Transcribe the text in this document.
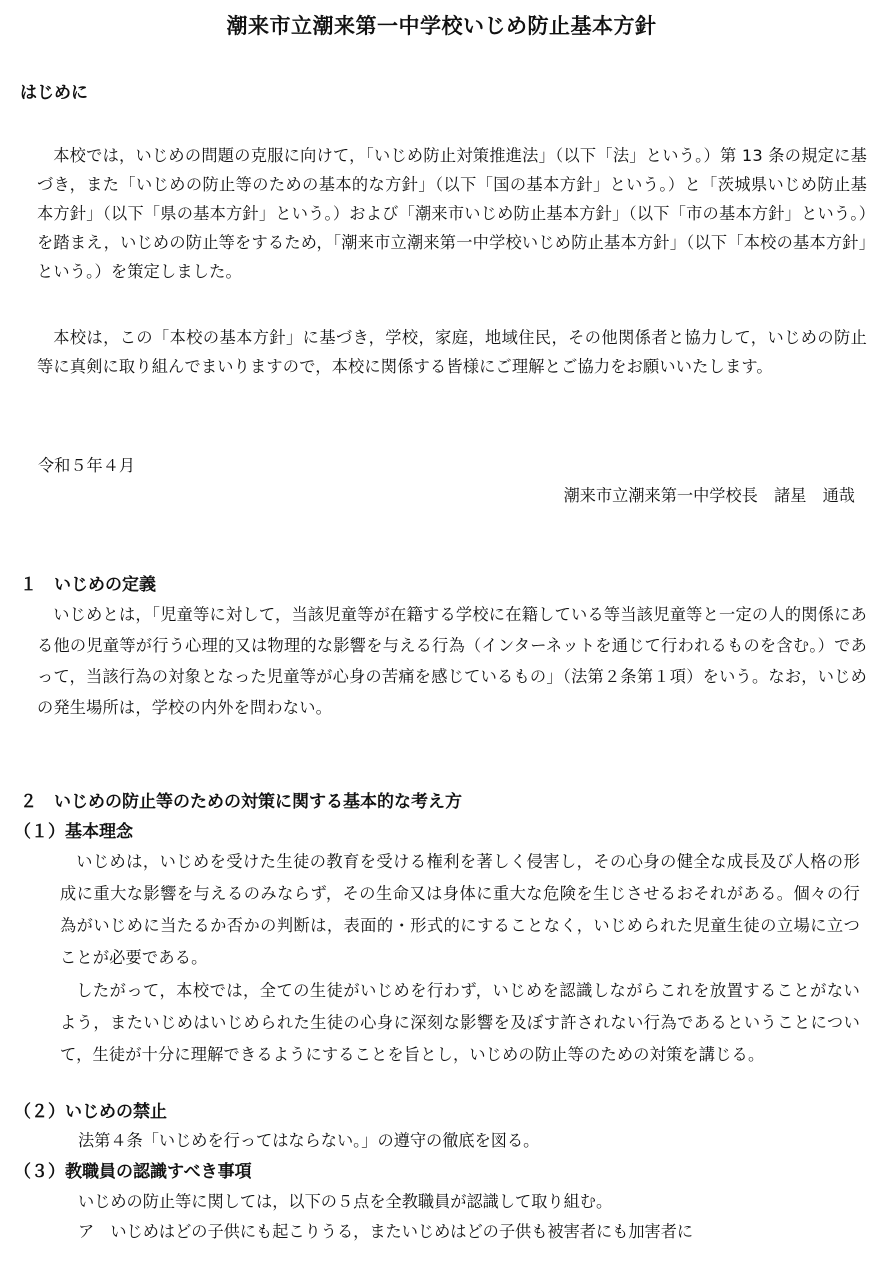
潮来市立潮来第一中学校いじめ防止基本方針
はじめに
本校では，いじめの問題の克服に向けて，「いじめ防止対策推進法」（以下「法」という。）第 13 条の規定に基づき，また「いじめの防止等のための基本的な方針」（以下「国の基本方針」という。）と「茨城県いじめ防止基本方針」（以下「県の基本方針」という。）および「潮来市いじめ防止基本方針」（以下「市の基本方針」という。）を踏まえ，いじめの防止等をするため，「潮来市立潮来第一中学校いじめ防止基本方針」（以下「本校の基本方針」という。）を策定しました。
本校は，この「本校の基本方針」に基づき，学校，家庭，地域住民，その他関係者と協力して，いじめの防止等に真剣に取り組んでまいりますので，本校に関係する皆様にご理解とご協力をお願いいたします。
令和５年４月
潮来市立潮来第一中学校長　諸星　通哉
１　いじめの定義
いじめとは，「児童等に対して，当該児童等が在籍する学校に在籍している等当該児童等と一定の人的関係にある他の児童等が行う心理的又は物理的な影響を与える行為（インターネットを通じて行われるものを含む。）であって，当該行為の対象となった児童等が心身の苦痛を感じているもの」（法第２条第１項）をいう。なお，いじめの発生場所は，学校の内外を問わない。
２　いじめの防止等のための対策に関する基本的な考え方
（１）基本理念
いじめは，いじめを受けた生徒の教育を受ける権利を著しく侵害し，その心身の健全な成長及び人格の形成に重大な影響を与えるのみならず，その生命又は身体に重大な危険を生じさせるおそれがある。個々の行為がいじめに当たるか否かの判断は，表面的・形式的にすることなく，いじめられた児童生徒の立場に立つことが必要である。
したがって，本校では，全ての生徒がいじめを行わず，いじめを認識しながらこれを放置することがないよう，またいじめはいじめられた生徒の心身に深刻な影響を及ぼす許されない行為であるということについて，生徒が十分に理解できるようにすることを旨とし，いじめの防止等のための対策を講じる。
（２）いじめの禁止
法第４条「いじめを行ってはならない。」の遵守の徹底を図る。
（３）教職員の認識すべき事項
いじめの防止等に関しては，以下の５点を全教職員が認識して取り組む。
ア　いじめはどの子供にも起こりうる，またいじめはどの子供も被害者にも加害者に
